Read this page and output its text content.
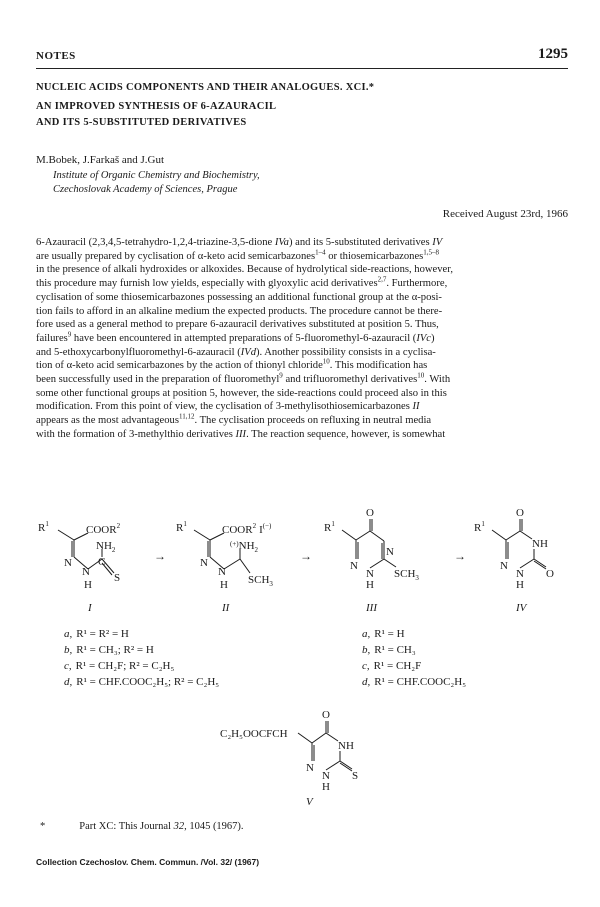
NOTES	1295
NUCLEIC ACIDS COMPONENTS AND THEIR ANALOGUES. XCI.*
AN IMPROVED SYNTHESIS OF 6-AZAURACIL
AND ITS 5-SUBSTITUTED DERIVATIVES
M.Bobek, J.Farkaš and J.Gut
Institute of Organic Chemistry and Biochemistry,
Czechoslovak Academy of Sciences, Prague
Received August 23rd, 1966
6-Azauracil (2,3,4,5-tetrahydro-1,2,4-triazine-3,5-dione IVa) and its 5-substituted derivatives IV
are usually prepared by cyclisation of α-keto acid semicarbazones$^{1-4}$ or thiosemicarbazones$^{1,5-8}$
in the presence of alkali hydroxides or alkoxides. Because of hydrolytical side-reactions, however,
this procedure may furnish low yields, especially with glyoxylic acid derivatives$^{2,7}$. Furthermore,
cyclisation of some thiosemicarbazones possessing an additional functional group at the α-posi-
tion fails to afford in an alkaline medium the expected products. The procedure cannot be there-
fore used as a general method to prepare 6-azauracil derivatives substituted at position 5. Thus,
failures$^9$ have been encountered in attempted preparations of 5-fluoromethyl-6-azauracil (IVc)
and 5-ethoxycarbonylfluoromethyl-6-azauracil (IVd). Another possibility consists in a cyclisa-
tion of α-keto acid semicarbazones by the action of thionyl chloride$^{10}$. This modification has
been successfully used in the preparation of fluoromethyl$^9$ and trifluoromethyl derivatives$^{10}$. With
some other functional groups at position 5, however, the side-reactions could proceed also in this
modification. From this point of view, the cyclisation of 3-methylisothiosemicarbazones II
appears as the most advantageous$^{11,12}$. The cyclisation proceeds on refluxing in neutral media
with the formation of 3-methylthio derivatives III. The reaction sequence, however, is somewhat
$R^1$	COOR$^2$
$NH_2$
N
N
C
S
H
I
→
$R^1$	COOR$^2$ I(−)
$^{(+)}NH_2$
N
N
$SCH_3$
H
II
→
$R^1$
O
N
N
N $SCH_3$
H
III
→
$R^1$
O
NH
N
N O
H
IV
a, R¹ = R² = H
b, R¹ = CH₃; R² = H
c, R¹ = CH₂F; R² = C₂H₅
d, R¹ = CHF.COOC₂H₅; R² = C₂H₅
a, R¹ = H
b, R¹ = CH₃
c, R¹ = CH₂F
d, R¹ = CHF.COOC₂H₅
C₂H₅OOCFCH
O
NH
N
N S
H
V
*	Part XC: This Journal 32, 1045 (1967).
Collection Czechoslov. Chem. Commun. /Vol. 32/ (1967)
